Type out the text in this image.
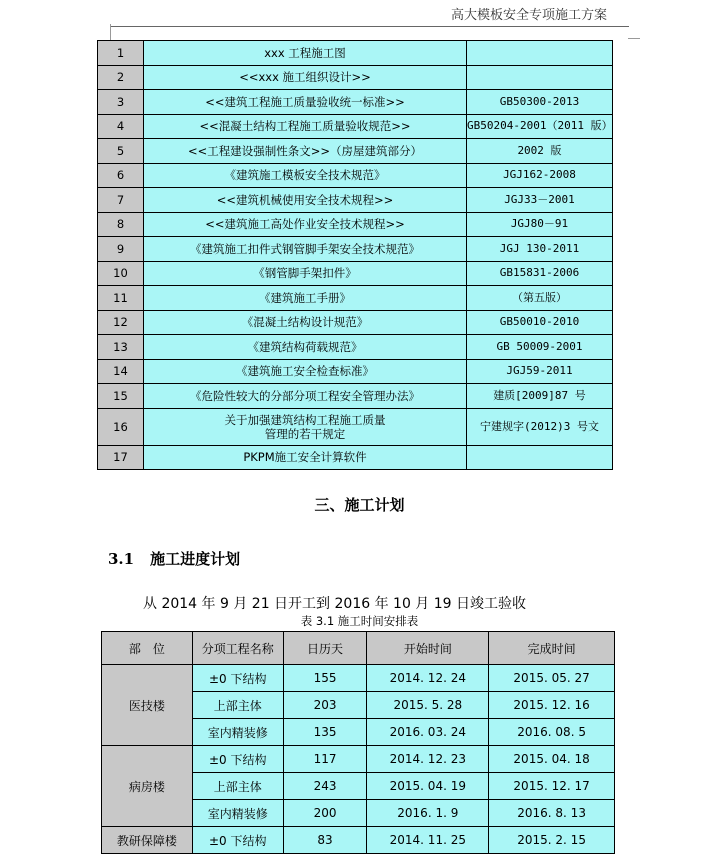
高大模板安全专项施工方案
1	xxx 工程施工图	
2	<<xxx 施工组织设计>>	
3	<<建筑工程施工质量验收统一标准>>	GB50300-2013
4	<<混凝土结构工程施工质量验收规范>>	GB50204-2001（2011 版）
5	<<工程建设强制性条文>>（房屋建筑部分）	2002 版
6	《建筑施工模板安全技术规范》	JGJ162-2008
7	<<建筑机械使用安全技术规程>>	JGJ33－2001
8	<<建筑施工高处作业安全技术规程>>	JGJ80－91
9	《建筑施工扣件式钢管脚手架安全技术规范》	JGJ 130-2011
10	《钢管脚手架扣件》	GB15831-2006
11	《建筑施工手册》	（第五版）
12	《混凝土结构设计规范》	GB50010-2010
13	《建筑结构荷载规范》	GB 50009-2001
14	《建筑施工安全检查标准》	JGJ59-2011
15	《危险性较大的分部分项工程安全管理办法》	建质[2009]87 号
16	关于加强建筑结构工程施工质量
管理的若干规定	宁建规字(2012)3 号文
17	PKPM施工安全计算软件	
三、施工计划
3.1 施工进度计划
从 2014 年 9 月 21 日开工到 2016 年 10 月 19 日竣工验收
表 3.1 施工时间安排表
部　位	分项工程名称	日历天	开始时间	完成时间
医技楼	±0 下结构	155	2014. 12. 24	2015. 05. 27
	上部主体	203	2015. 5. 28	2015. 12. 16
	室内精装修	135	2016. 03. 24	2016. 08. 5
病房楼	±0 下结构	117	2014. 12. 23	2015. 04. 18
	上部主体	243	2015. 04. 19	2015. 12. 17
	室内精装修	200	2016. 1. 9	2016. 8. 13
教研保障楼	±0 下结构	83	2014. 11. 25	2015. 2. 15
